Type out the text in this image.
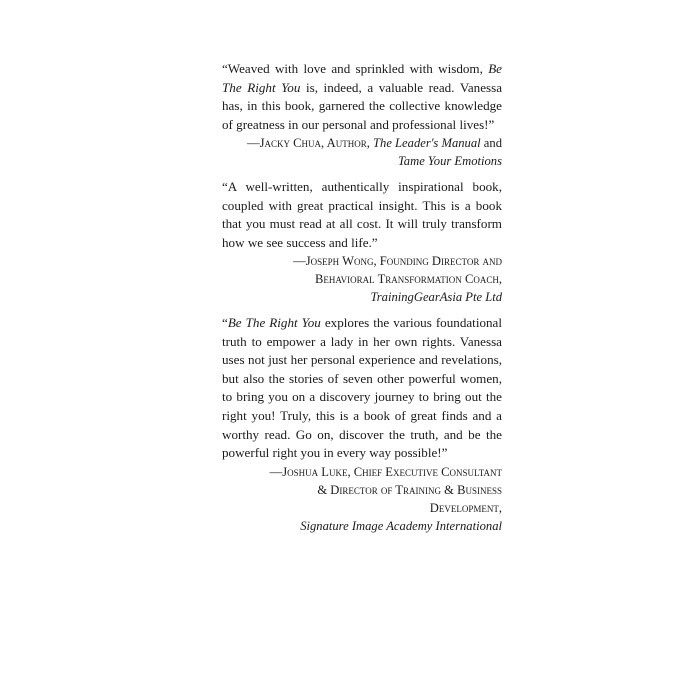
“Weaved with love and sprinkled with wisdom, Be The Right You is, indeed, a valuable read. Vanessa has, in this book, garnered the collective knowledge of greatness in our personal and professional lives!”

—Jacky Chua, Author, The Leader's Manual and
Tame Your Emotions

“A well-written, authentically inspirational book, coupled with great practical insight. This is a book that you must read at all cost. It will truly transform how we see success and life.”

—Joseph Wong, Founding Director and
Behavioral Transformation Coach,
TrainingGearAsia Pte Ltd

“Be The Right You explores the various foundational truth to empower a lady in her own rights. Vanessa uses not just her personal experience and revelations, but also the stories of seven other powerful women, to bring you on a discovery journey to bring out the right you! Truly, this is a book of great finds and a worthy read. Go on, discover the truth, and be the powerful right you in every way possible!”

—Joshua Luke, Chief Executive Consultant
& Director of Training & Business
Development,
Signature Image Academy International
